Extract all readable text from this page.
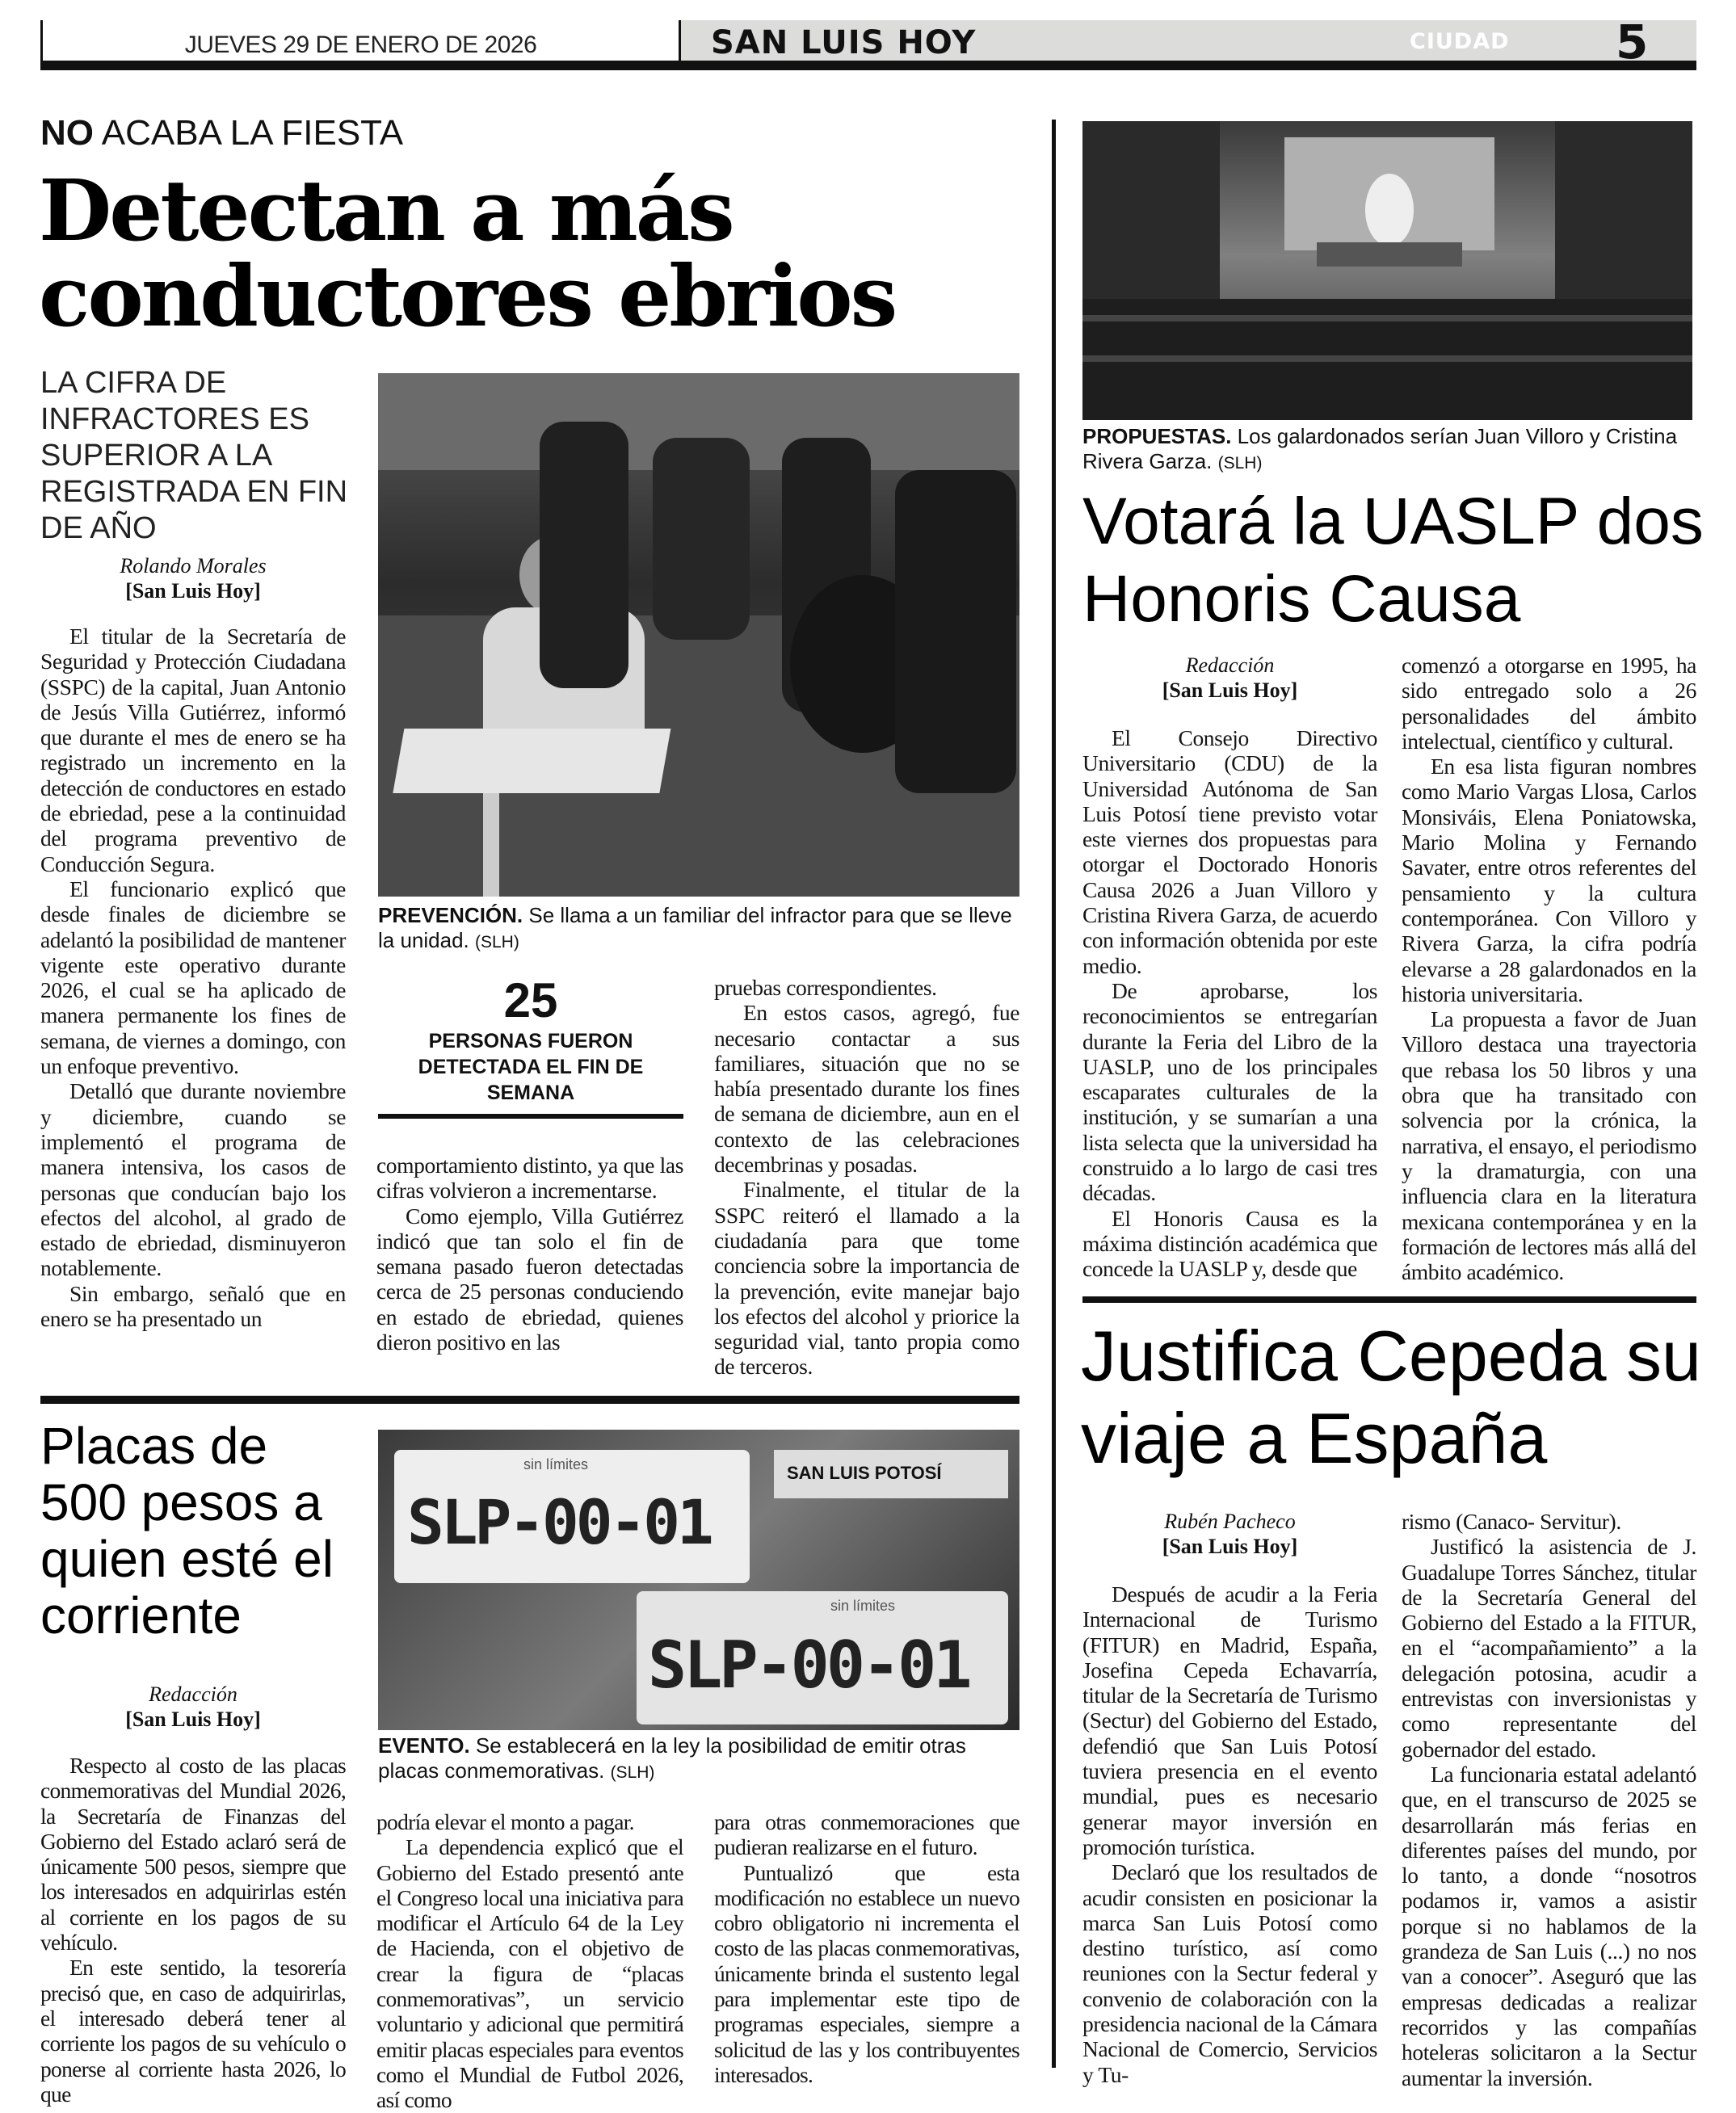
JUEVES 29 DE ENERO DE 2026	SAN LUIS HOY	CIUDAD 5
NO ACABA LA FIESTA
Detectan a más conductores ebrios
LA CIFRA DE INFRACTORES ES SUPERIOR A LA REGISTRADA EN FIN DE AÑO
Rolando Morales
[San Luis Hoy]
PREVENCIÓN. Se llama a un familiar del infractor para que se lleve la unidad. (SLH)
25
PERSONAS FUERON DETECTADA EL FIN DE SEMANA

El titular de la Secretaría de Seguridad y Protección Ciudadana (SSPC) de la capital, Juan Antonio de Jesús Villa Gutiérrez, informó que durante el mes de enero se ha registrado un incremento en la detección de conductores en estado de ebriedad, pese a la continuidad del programa preventivo de Conducción Segura.

El funcionario explicó que desde finales de diciembre se adelantó la posibilidad de mantener vigente este operativo durante 2026, el cual se ha aplicado de manera permanente los fines de semana, de viernes a domingo, con un enfoque preventivo.

Detalló que durante noviembre y diciembre, cuando se implementó el programa de manera intensiva, los casos de personas que conducían bajo los efectos del alcohol, al grado de estado de ebriedad, disminuyeron notablemente.

Sin embargo, señaló que en enero se ha presentado un

comportamiento distinto, ya que las cifras volvieron a incrementarse.

Como ejemplo, Villa Gutiérrez indicó que tan solo el fin de semana pasado fueron detectadas cerca de 25 personas conduciendo en estado de ebriedad, quienes dieron positivo en las

pruebas correspondientes.

En estos casos, agregó, fue necesario contactar a sus familiares, situación que no se había presentado durante los fines de semana de diciembre, aun en el contexto de las celebraciones decembrinas y posadas.

Finalmente, el titular de la SSPC reiteró el llamado a la ciudadanía para que tome conciencia sobre la importancia de la prevención, evite manejar bajo los efectos del alcohol y priorice la seguridad vial, tanto propia como de terceros.

Placas de 500 pesos a quien esté el corriente
Redacción
[San Luis Hoy]
sin límites
SLP-00-01
SAN LUIS POTOSÍ
sin límites
SLP-00-01
EVENTO. Se establecerá en la ley la posibilidad de emitir otras placas conmemorativas. (SLH)

Respecto al costo de las placas conmemorativas del Mundial 2026, la Secretaría de Finanzas del Gobierno del Estado aclaró será de únicamente 500 pesos, siempre que los interesados en adquirirlas estén al corriente en los pagos de su vehículo.

En este sentido, la tesorería precisó que, en caso de adquirirlas, el interesado deberá tener al corriente los pagos de su vehículo o ponerse al corriente hasta 2026, lo que

podría elevar el monto a pagar.

La dependencia explicó que el Gobierno del Estado presentó ante el Congreso local una iniciativa para modificar el Artículo 64 de la Ley de Hacienda, con el objetivo de crear la figura de “placas conmemorativas”, un servicio voluntario y adicional que permitirá emitir placas especiales para eventos como el Mundial de Futbol 2026, así como

para otras conmemoraciones que pudieran realizarse en el futuro.

Puntualizó que esta modificación no establece un nuevo cobro obligatorio ni incrementa el costo de las placas conmemorativas, únicamente brinda el sustento legal para implementar este tipo de programas especiales, siempre a solicitud de las y los contribuyentes interesados.

PROPUESTAS. Los galardonados serían Juan Villoro y Cristina Rivera Garza. (SLH)
Votará la UASLP dos Honoris Causa
Redacción
[San Luis Hoy]

El Consejo Directivo Universitario (CDU) de la Universidad Autónoma de San Luis Potosí tiene previsto votar este viernes dos propuestas para otorgar el Doctorado Honoris Causa 2026 a Juan Villoro y Cristina Rivera Garza, de acuerdo con información obtenida por este medio.

De aprobarse, los reconocimientos se entregarían durante la Feria del Libro de la UASLP, uno de los principales escaparates culturales de la institución, y se sumarían a una lista selecta que la universidad ha construido a lo largo de casi tres décadas.

El Honoris Causa es la máxima distinción académica que concede la UASLP y, desde que

comenzó a otorgarse en 1995, ha sido entregado solo a 26 personalidades del ámbito intelectual, científico y cultural.

En esa lista figuran nombres como Mario Vargas Llosa, Carlos Monsiváis, Elena Poniatowska, Mario Molina y Fernando Savater, entre otros referentes del pensamiento y la cultura contemporánea. Con Villoro y Rivera Garza, la cifra podría elevarse a 28 galardonados en la historia universitaria.

La propuesta a favor de Juan Villoro destaca una trayectoria que rebasa los 50 libros y una obra que ha transitado con solvencia por la crónica, la narrativa, el ensayo, el periodismo y la dramaturgia, con una influencia clara en la literatura mexicana contemporánea y en la formación de lectores más allá del ámbito académico.

Justifica Cepeda su viaje a España
Rubén Pacheco
[San Luis Hoy]

Después de acudir a la Feria Internacional de Turismo (FITUR) en Madrid, España, Josefina Cepeda Echavarría, titular de la Secretaría de Turismo (Sectur) del Gobierno del Estado, defendió que San Luis Potosí tuviera presencia en el evento mundial, pues es necesario generar mayor inversión en promoción turística.

Declaró que los resultados de acudir consisten en posicionar la marca San Luis Potosí como destino turístico, así como reuniones con la Sectur federal y convenio de colaboración con la presidencia nacional de la Cámara Nacional de Comercio, Servicios y Tu-

rismo (Canaco- Servitur).

Justificó la asistencia de J. Guadalupe Torres Sánchez, titular de la Secretaría General del Gobierno del Estado a la FITUR, en el “acompañamiento” a la delegación potosina, acudir a entrevistas con inversionistas y como representante del gobernador del estado.

La funcionaria estatal adelantó que, en el transcurso de 2025 se desarrollarán más ferias en diferentes países del mundo, por lo tanto, a donde “nosotros podamos ir, vamos a asistir porque si no hablamos de la grandeza de San Luis (...) no nos van a conocer”. Aseguró que las empresas dedicadas a realizar recorridos y las compañías hoteleras solicitaron a la Sectur aumentar la inversión.
